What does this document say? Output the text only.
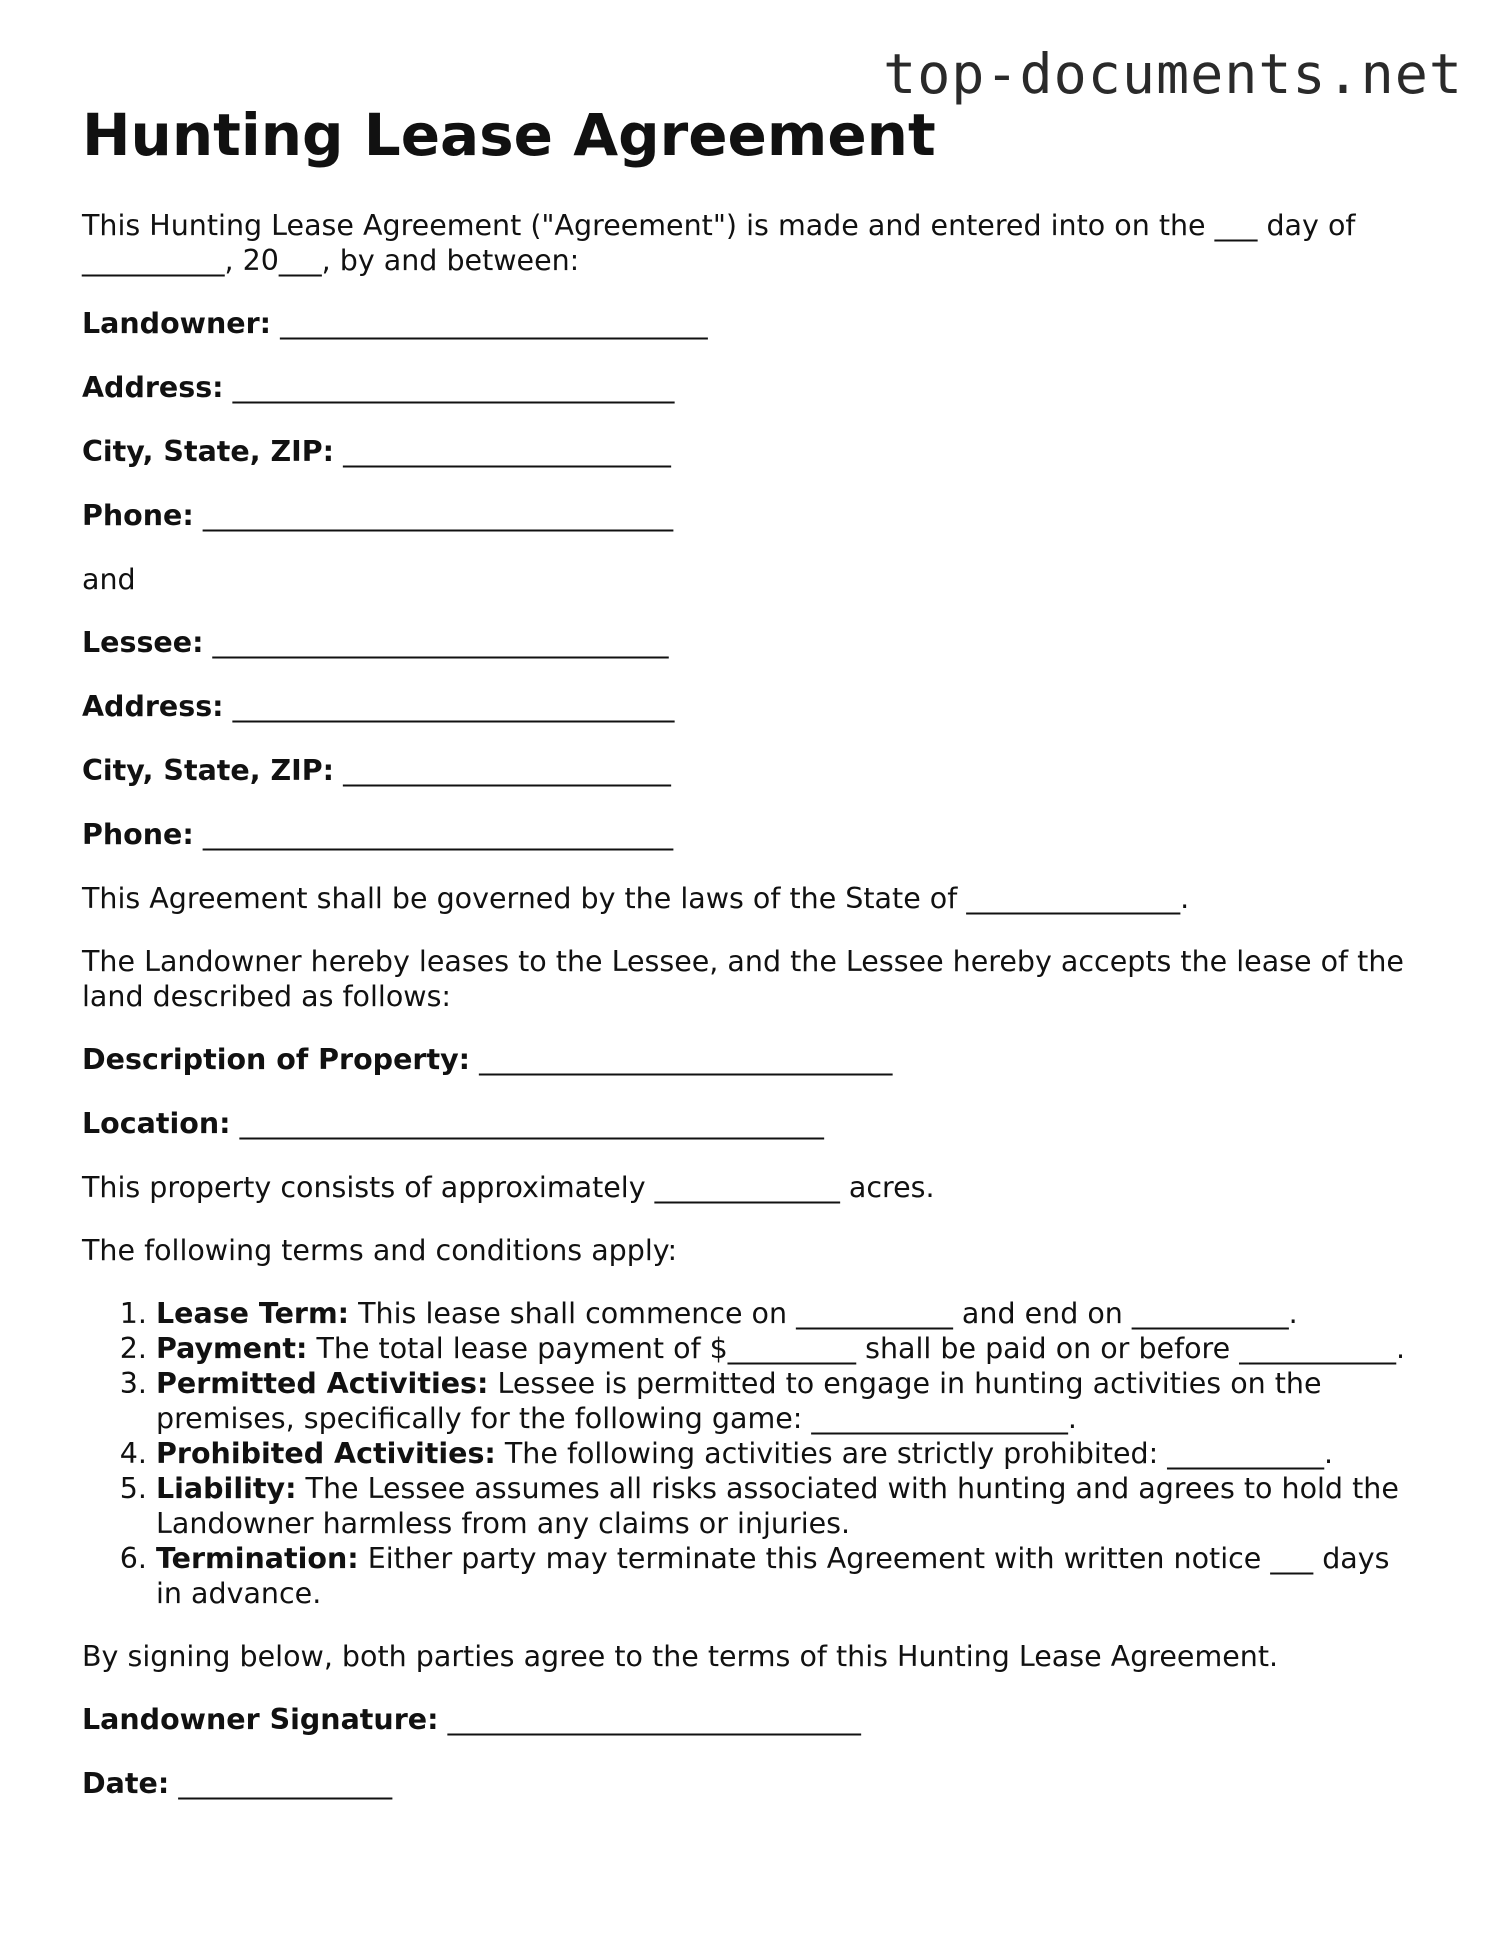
top-documents.net
Hunting Lease Agreement

This Hunting Lease Agreement ("Agreement") is made and entered into on the ___ day of __________, 20___, by and between:

Landowner: ______________________________
Address: _______________________________
City, State, ZIP: _______________________
Phone: _________________________________

and

Lessee: ________________________________
Address: _______________________________
City, State, ZIP: _______________________
Phone: _________________________________

This Agreement shall be governed by the laws of the State of _______________.

The Landowner hereby leases to the Lessee, and the Lessee hereby accepts the lease of the land described as follows:

Description of Property: _____________________________
Location: _________________________________________

This property consists of approximately _____________ acres.

The following terms and conditions apply:

1. Lease Term: This lease shall commence on ___________ and end on ___________.
2. Payment: The total lease payment of $_________ shall be paid on or before ___________.
3. Permitted Activities: Lessee is permitted to engage in hunting activities on the premises, specifically for the following game: __________________.
4. Prohibited Activities: The following activities are strictly prohibited: ___________.
5. Liability: The Lessee assumes all risks associated with hunting and agrees to hold the Landowner harmless from any claims or injuries.
6. Termination: Either party may terminate this Agreement with written notice ___ days in advance.

By signing below, both parties agree to the terms of this Hunting Lease Agreement.

Landowner Signature: _____________________________
Date: _______________
